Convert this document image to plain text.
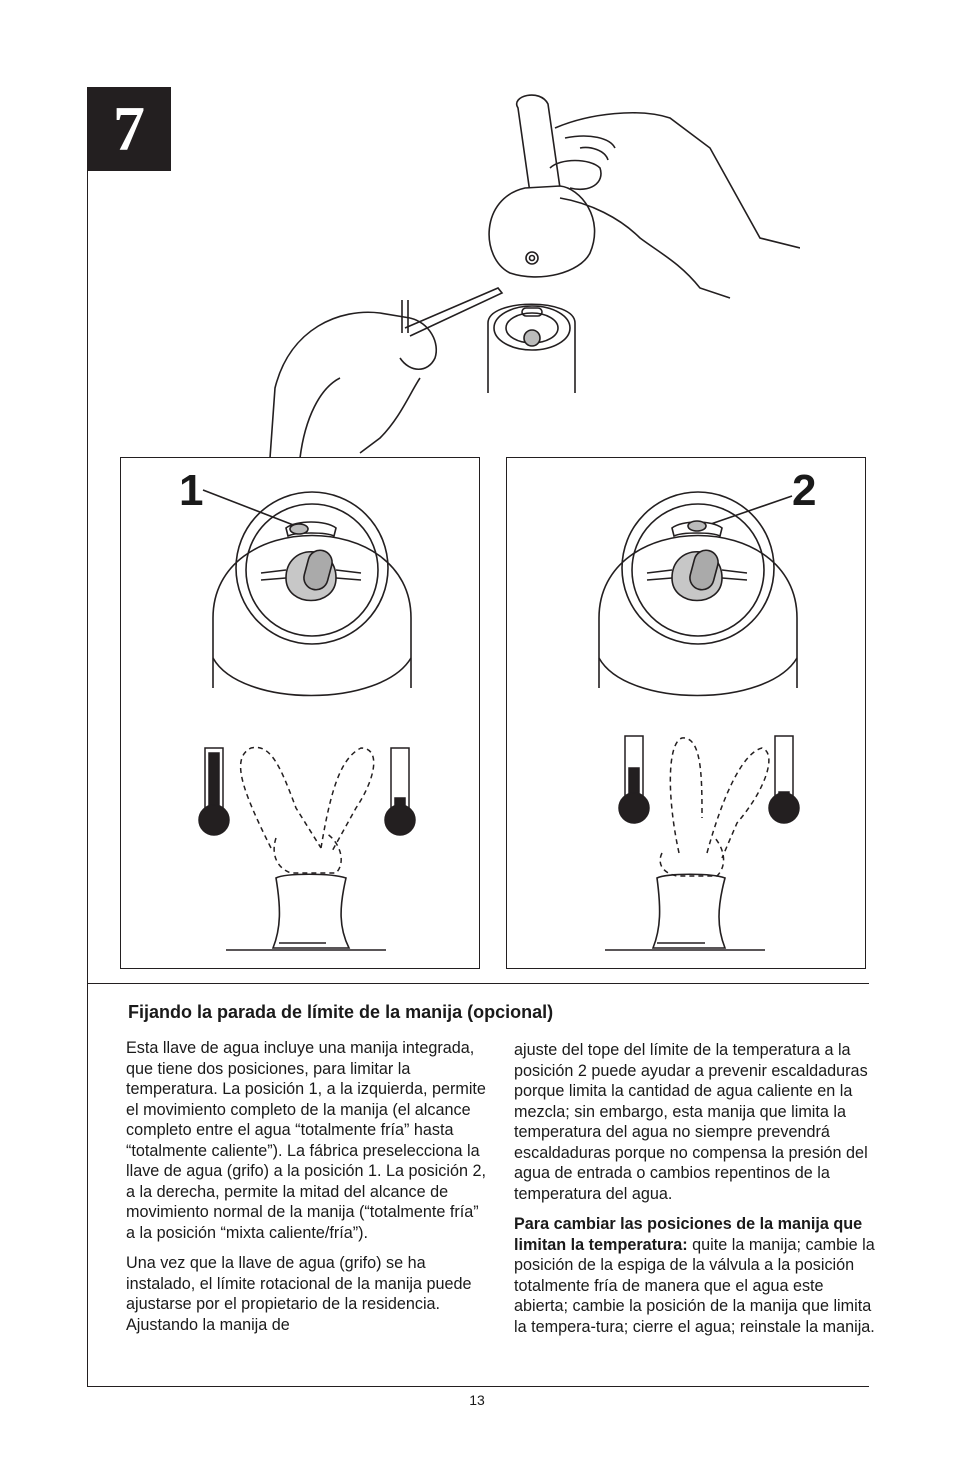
7
1	2
Fijando la parada de límite de la manija (opcional)

Esta llave de agua incluye una manija integrada, que tiene dos posiciones, para limitar la temperatura. La posición 1, a la izquierda, permite el movimiento completo de la manija (el alcance completo entre el agua “totalmente fría” hasta “totalmente caliente”). La fábrica preselecciona la llave de agua (grifo) a la posición 1. La posición 2, a la derecha, permite la mitad del alcance de movimiento normal de la manija (“totalmente fría” a la posición “mixta caliente/fría”).

Una vez que la llave de agua (grifo) se ha instalado, el límite rotacional de la manija puede ajustarse por el propietario de la residencia. Ajustando la manija de

ajuste del tope del límite de la temperatura a la posición 2 puede ayudar a prevenir escaldaduras porque limita la cantidad de agua caliente en la mezcla; sin embargo, esta manija que limita la temperatura del agua no siempre prevendrá escaldaduras porque no compensa la presión del agua de entrada o cambios repentinos de la temperatura del agua.

Para cambiar las posiciones de la manija que limitan la temperatura: quite la manija; cambie la posición de la espiga de la válvula a la posición totalmente fría de manera que el agua este abierta; cambie la posición de la manija que limita la tempera-tura; cierre el agua; reinstale la manija.

13
